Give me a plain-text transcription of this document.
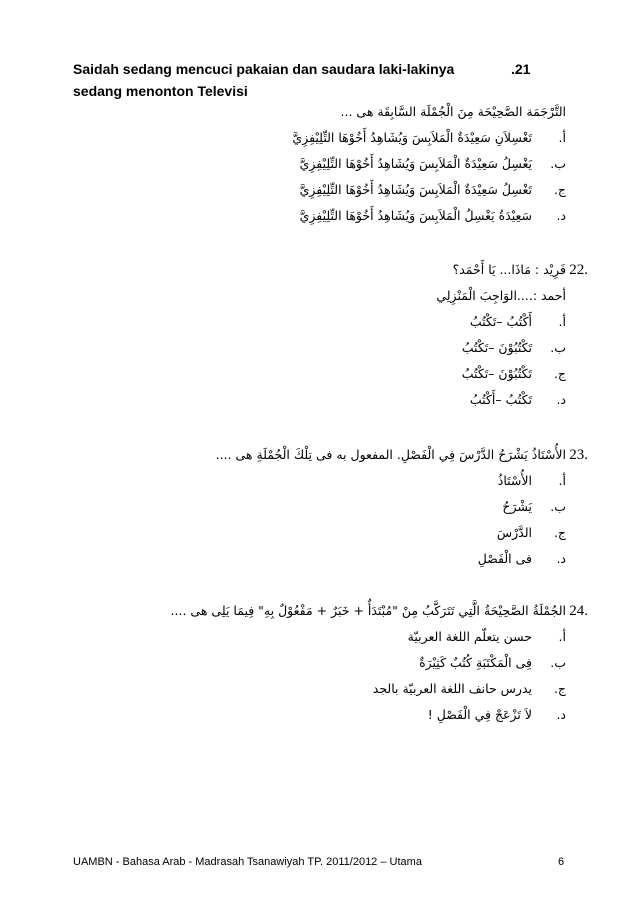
Saidah sedang mencuci pakaian dan saudara laki-lakinya
sedang menonton Televisi
.21
التَّرْجَمَة الصَّحِيْحَة مِنَ الْجُمْلَة السَّابِقَة هى ...
أ.
تَغْسِلاَنِ سَعِيْدَةٌ الْمَلاَبِسَ وَيُشَاهِدُ أَخُوْهَا التِّلِيْفِزِيَّ
ب.
يَغْسِلُ سَعِيْدَةٌ الْمَلاَبِسَ وَيُشَاهِدُ أَخُوْهَا التِّلِيْفِزِيَّ
ج.
تَغْسِلُ سَعِيْدَةٌ الْمَلاَبِسَ وَيُشَاهِدُ أَخُوْهَا التِّلِيْفِزِيَّ
د.
سَعِيْدَةُ يَغْسِلُ الْمَلاَبِسَ وَيُشَاهِدُ أَخُوْهَا التِّلِيْفِزِيَّ
22.
فَرِيْد : مَاذَا... يَا أَحْمَد؟
أحمد :....الوَاجِبَ الْمَنْزِلِي
أ.
أَكْتُبُ –تَكْتُبُ
ب.
تَكْتُبُوْنَ –تَكْتُبُ
ج.
تَكْتُبُوْنَ –تَكْتُبُ
د.
تَكْتُبُ –أَكْتُبُ
23.
الأُسْتَاذُ يَشْرَحُ الدَّرْسَ فِي الْفَصْلِ. المفعول به فى تِلْكَ الْجُمْلَةِ هى ....
أ.
الأُسْتَاذُ
ب.
يَشْرَحُ
ج.
الدَّرْسَ
د.
فى الْفَصْلِ
24.
الجُمْلَةُ الصَّحِيْحَةُ الَّتِي تَتَرَكَّبُ مِنْ "مُبْتَدَأٌ + خَبَرٌ + مَفْعُوْلٌ بِهِ" فِيمَا يَلِى هى ....
أ.
حسن يتعلّم اللغة العربيّة
ب.
فِى الْمَكْتَبَةِ كُتُبٌ كَثِيْرَةٌ
ج.
يدرس حانف اللغة العربيّة بالجد
د.
لاَ تَزْعَجْ فِي الْفَصْلِ !
UAMBN - Bahasa Arab - Madrasah Tsanawiyah TP. 2011/2012 – Utama	6
